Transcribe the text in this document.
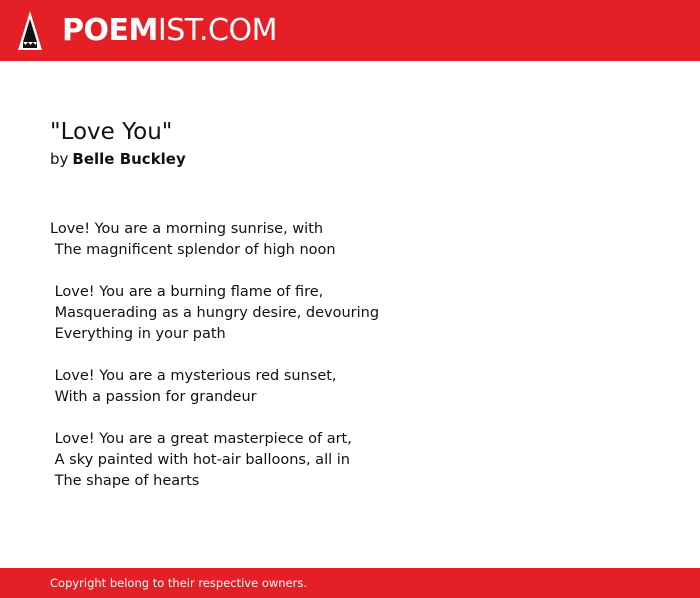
POEMIST.COM
"Love You"
by Belle Buckley
Love! You are a morning sunrise, with
The magnificent splendor of high noon
Love! You are a burning flame of fire,
Masquerading as a hungry desire, devouring
Everything in your path
Love! You are a mysterious red sunset,
With a passion for grandeur
Love! You are a great masterpiece of art,
A sky painted with hot-air balloons, all in
The shape of hearts
Copyright belong to their respective owners.
